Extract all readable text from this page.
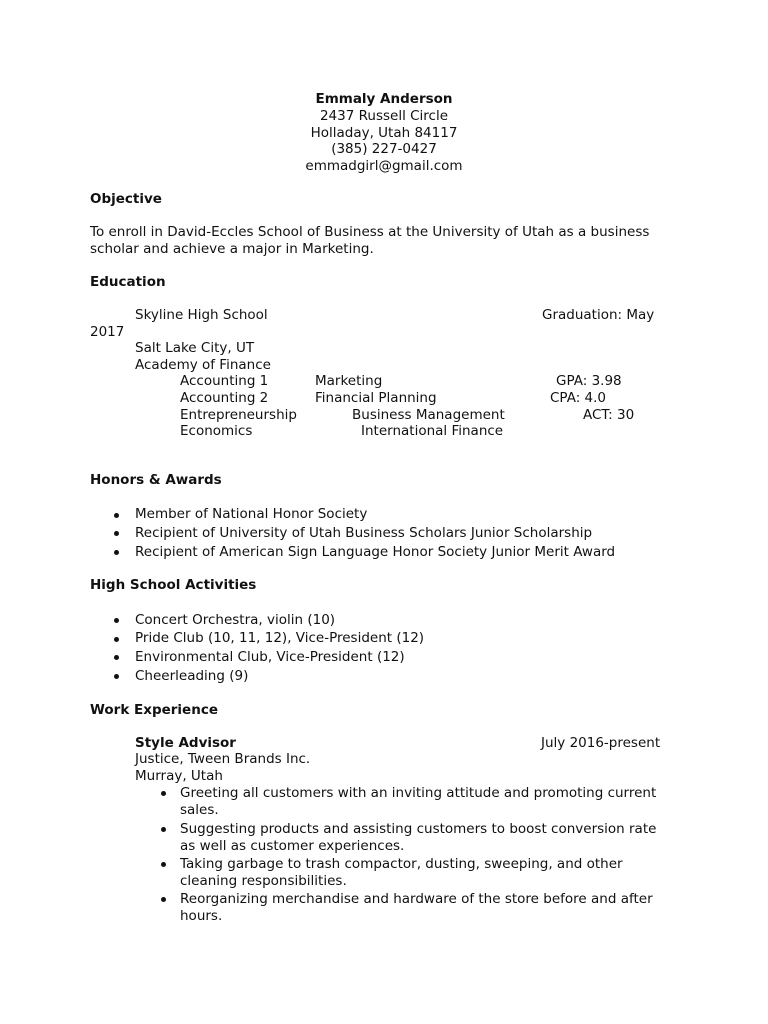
Emmaly Anderson
2437 Russell Circle
Holladay, Utah 84117
(385) 227-0427
emmadgirl@gmail.com
Objective
To enroll in David-Eccles School of Business at the University of Utah as a business
scholar and achieve a major in Marketing.
Education
Skyline High School	Graduation: May
2017
Salt Lake City, UT
Academy of Finance
Accounting 1	Marketing	GPA: 3.98
Accounting 2	Financial Planning	CPA: 4.0
Entrepreneurship	Business Management	ACT: 30
Economics	International Finance
Honors & Awards
Member of National Honor Society
Recipient of University of Utah Business Scholars Junior Scholarship
Recipient of American Sign Language Honor Society Junior Merit Award
High School Activities
Concert Orchestra, violin (10)
Pride Club (10, 11, 12), Vice-President (12)
Environmental Club, Vice-President (12)
Cheerleading (9)
Work Experience
Style Advisor	July 2016-present
Justice, Tween Brands Inc.
Murray, Utah
Greeting all customers with an inviting attitude and promoting current
sales.
Suggesting products and assisting customers to boost conversion rate
as well as customer experiences.
Taking garbage to trash compactor, dusting, sweeping, and other
cleaning responsibilities.
Reorganizing merchandise and hardware of the store before and after
hours.
